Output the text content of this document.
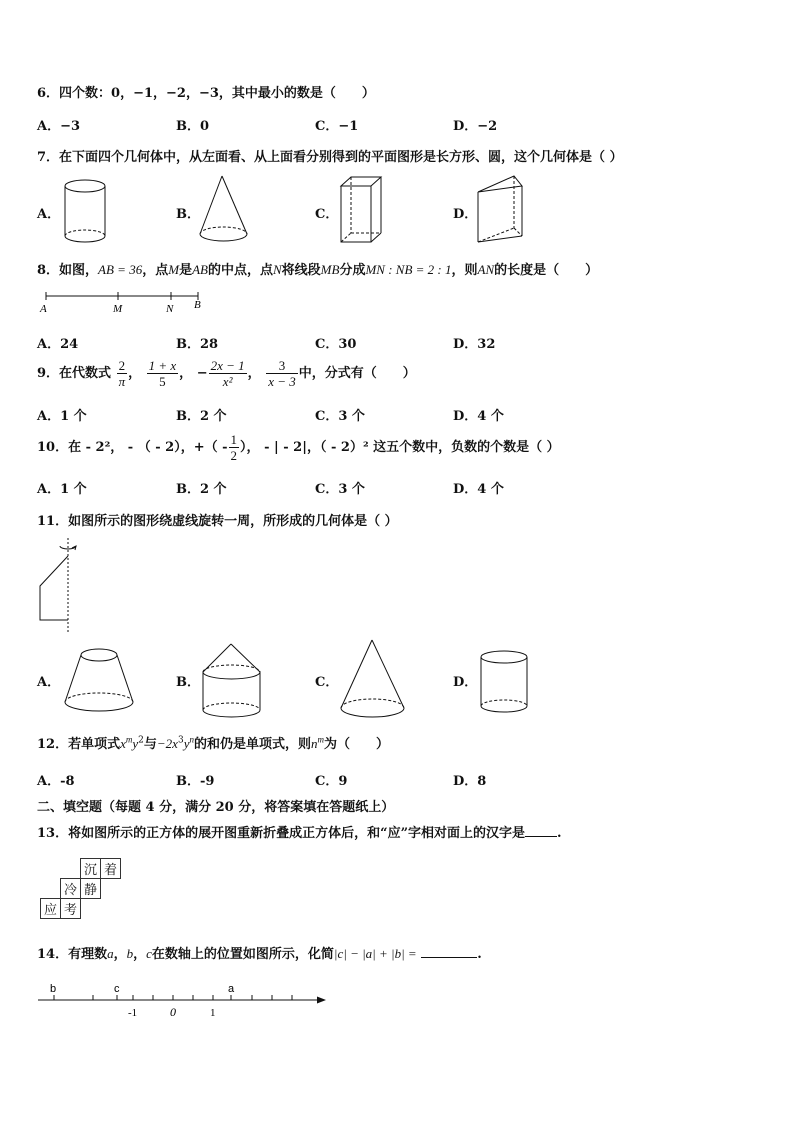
6．四个数：0，−1，−2，−3，其中最小的数是（　　）
A．−3	B．0	C．−1	D．−2
7．在下面四个几何体中，从左面看、从上面看分别得到的平面图形是长方形、圆，这个几何体是（ ）
A．	B．	C．	D．
8．如图，AB = 36，点M是AB的中点，点N将线段MB分成MN : NB = 2 : 1，则AN的长度是（　　）
A	M	N B
A．24	B．28	C．30	D．32
9．在代数式 $\frac{2}{\pi}$ ， $\frac{1 + x}{5}$ ， − $\frac{2x - 1}{\text{x²}}$ ， $\frac{3}{x - 3}$ 中，分式有（　　）
A．1 个	B．2 个	C．3 个	D．4 个
10．在 - 2²， - （ - 2），+（ - $\frac{1}{2}$ ）， - | - 2|，（ - 2）² 这五个数中，负数的个数是（ ）
A．1 个	B．2 个	C．3 个	D．4 个
11．如图所示的图形绕虚线旋转一周，所形成的几何体是（ ）
A．	B．	C．	D．
12．若单项式$x^my^2$与$-2x^3y^n$的和仍是单项式，则$n^m$为（　　）
A．-8	B．-9	C．9	D．8
二、填空题（每题 4 分，满分 20 分，将答案填在答题纸上）
13．将如图所示的正方体的展开图重新折叠成正方体后，和“应”字相对面上的汉字是 .
		沉	着
	冷	静	
应	考		
14．有理数a，b，c在数轴上的位置如图所示，化简|c| − |a| + |b| =	.
b	c	a
-1	0	1
